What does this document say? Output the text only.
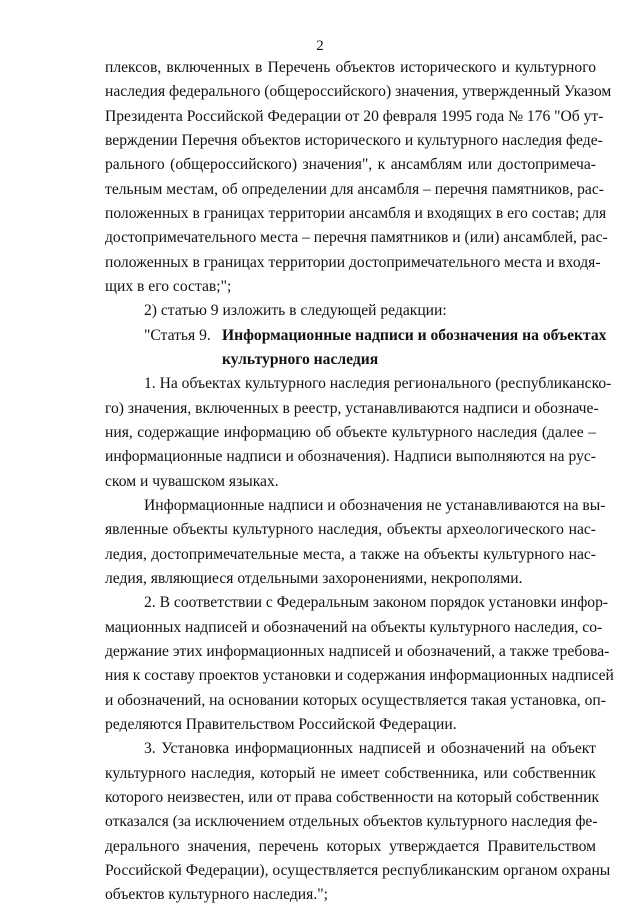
2
плексов, включенных в Перечень объектов исторического и культурного
наследия федерального (общероссийского) значения, утвержденный Указом
Президента Российской Федерации от 20 февраля 1995 года № 176 "Об ут-
верждении Перечня объектов исторического и культурного наследия феде-
рального (общероссийского) значения", к ансамблям или достопримеча-
тельным местам, об определении для ансамбля – перечня памятников, рас-
положенных в границах территории ансамбля и входящих в его состав; для
достопримечательного места – перечня памятников и (или) ансамблей, рас-
положенных в границах территории достопримечательного места и входя-
щих в его состав;";
2) статью 9 изложить в следующей редакции:
"Статья 9. Информационные надписи и обозначения на объектах
культурного наследия
1. На объектах культурного наследия регионального (республиканско-
го) значения, включенных в реестр, устанавливаются надписи и обозначе-
ния, содержащие информацию об объекте культурного наследия (далее –
информационные надписи и обозначения). Надписи выполняются на рус-
ском и чувашском языках.
Информационные надписи и обозначения не устанавливаются на вы-
явленные объекты культурного наследия, объекты археологического нас-
ледия, достопримечательные места, а также на объекты культурного нас-
ледия, являющиеся отдельными захоронениями, некрополями.
2. В соответствии с Федеральным законом порядок установки инфор-
мационных надписей и обозначений на объекты культурного наследия, со-
держание этих информационных надписей и обозначений, а также требова-
ния к составу проектов установки и содержания информационных надписей
и обозначений, на основании которых осуществляется такая установка, оп-
ределяются Правительством Российской Федерации.
3. Установка информационных надписей и обозначений на объект
культурного наследия, который не имеет собственника, или собственник
которого неизвестен, или от права собственности на который собственник
отказался (за исключением отдельных объектов культурного наследия фе-
дерального значения, перечень которых утверждается Правительством
Российской Федерации), осуществляется республиканским органом охраны
объектов культурного наследия.";
